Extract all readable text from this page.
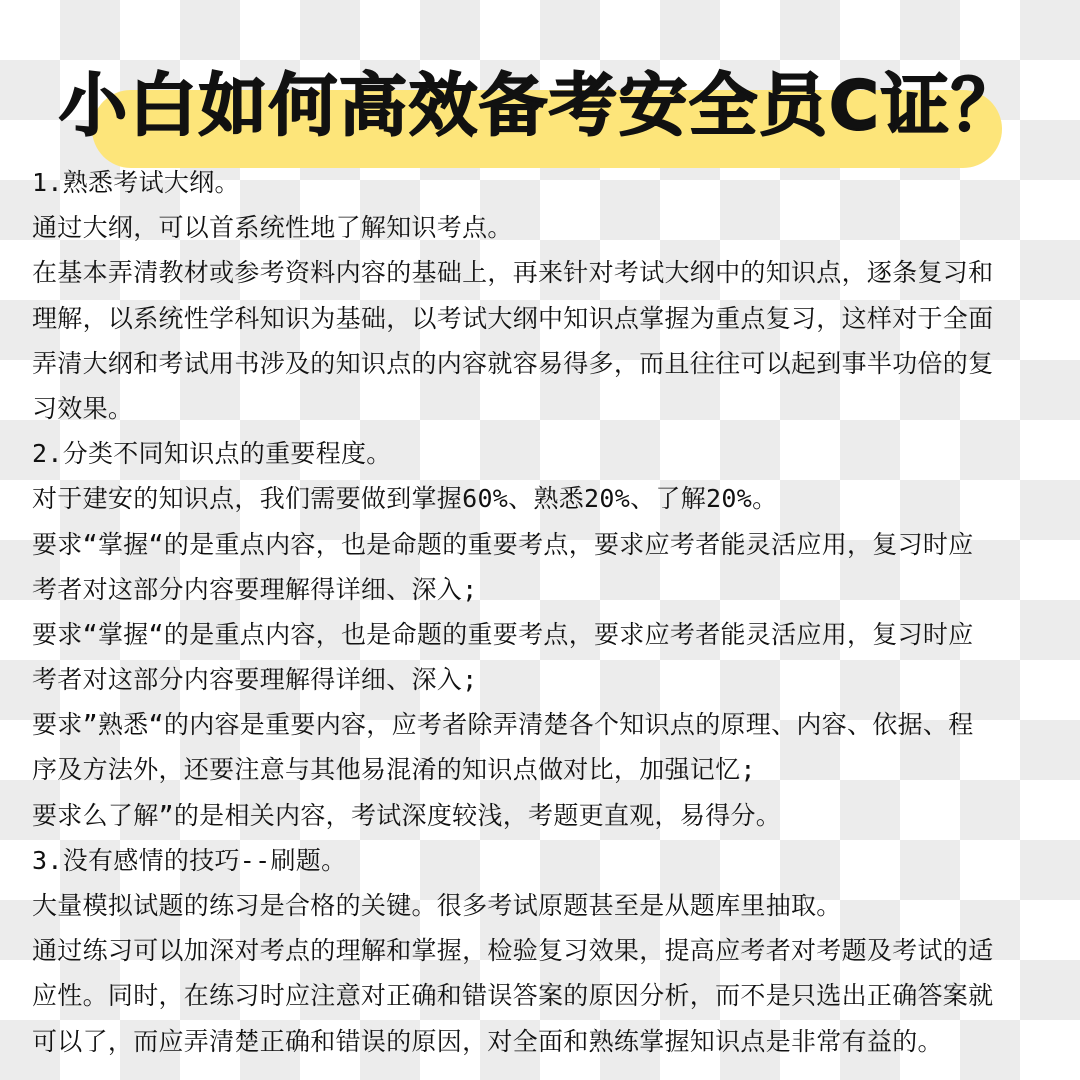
小白如何高效备考安全员C证？
1.熟悉考试大纲。
通过大纲，可以首系统性地了解知识考点。
在基本弄清教材或参考资料内容的基础上，再来针对考试大纲中的知识点，逐条复习和
理解，以系统性学科知识为基础，以考试大纲中知识点掌握为重点复习，这样对于全面
弄清大纲和考试用书涉及的知识点的内容就容易得多，而且往往可以起到事半功倍的复
习效果。
2.分类不同知识点的重要程度。
对于建安的知识点，我们需要做到掌握60%、熟悉20%、了解20%。
要求“掌握“的是重点内容，也是命题的重要考点，要求应考者能灵活应用，复习时应
考者对这部分内容要理解得详细、深入;
要求“掌握“的是重点内容，也是命题的重要考点，要求应考者能灵活应用，复习时应
考者对这部分内容要理解得详细、深入;
要求”熟悉“的内容是重要内容，应考者除弄清楚各个知识点的原理、内容、依据、程
序及方法外，还要注意与其他易混淆的知识点做对比，加强记忆;
要求么了解”的是相关内容，考试深度较浅，考题更直观，易得分。
3.没有感情的技巧--刷题。
大量模拟试题的练习是合格的关键。很多考试原题甚至是从题库里抽取。
通过练习可以加深对考点的理解和掌握，检验复习效果，提高应考者对考题及考试的适
应性。同时，在练习时应注意对正确和错误答案的原因分析，而不是只选出正确答案就
可以了，而应弄清楚正确和错误的原因，对全面和熟练掌握知识点是非常有益的。
